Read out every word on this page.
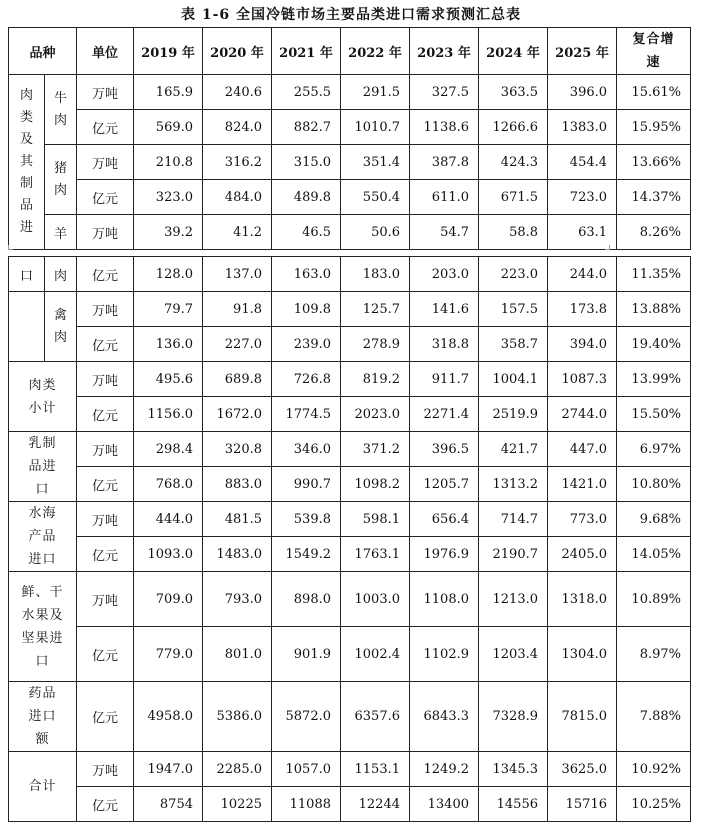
表 1-6 全国冷链市场主要品类进口需求预测汇总表
品种		单位	2019 年	2020 年	2021 年	2022 年	2023 年	2024 年	2025 年	复合增速
肉类及其制品进	牛肉	万吨	165.9	240.6	255.5	291.5	327.5	363.5	396.0	15.61%
		亿元	569.0	824.0	882.7	1010.7	1138.6	1266.6	1383.0	15.95%
	猪肉	万吨	210.8	316.2	315.0	351.4	387.8	424.3	454.4	13.66%
		亿元	323.0	484.0	489.8	550.4	611.0	671.5	723.0	14.37%
	羊	万吨	39.2	41.2	46.5	50.6	54.7	58.8	63.1	8.26%
口	肉	亿元	128.0	137.0	163.0	183.0	203.0	223.0	244.0	11.35%
	禽肉	万吨	79.7	91.8	109.8	125.7	141.6	157.5	173.8	13.88%
		亿元	136.0	227.0	239.0	278.9	318.8	358.7	394.0	19.40%
肉类小计		万吨	495.6	689.8	726.8	819.2	911.7	1004.1	1087.3	13.99%
		亿元	1156.0	1672.0	1774.5	2023.0	2271.4	2519.9	2744.0	15.50%
乳制品进口		万吨	298.4	320.8	346.0	371.2	396.5	421.7	447.0	6.97%
		亿元	768.0	883.0	990.7	1098.2	1205.7	1313.2	1421.0	10.80%
水海产品进口		万吨	444.0	481.5	539.8	598.1	656.4	714.7	773.0	9.68%
		亿元	1093.0	1483.0	1549.2	1763.1	1976.9	2190.7	2405.0	14.05%
鲜、干水果及坚果进口		万吨	709.0	793.0	898.0	1003.0	1108.0	1213.0	1318.0	10.89%
		亿元	779.0	801.0	901.9	1002.4	1102.9	1203.4	1304.0	8.97%
药品进口额		亿元	4958.0	5386.0	5872.0	6357.6	6843.3	7328.9	7815.0	7.88%
合计		万吨	1947.0	2285.0	1057.0	1153.1	1249.2	1345.3	3625.0	10.92%
		亿元	8754	10225	11088	12244	13400	14556	15716	10.25%
